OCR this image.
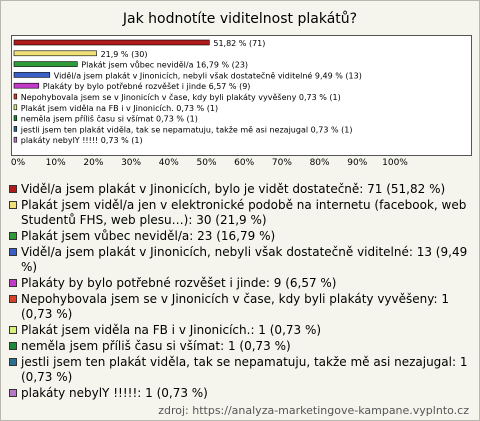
Jak hodnotíte viditelnost plakátů?
51,82 % (71)
21,9 % (30)
Plakát jsem vůbec neviděl/a 16,79 % (23)
Viděl/a jsem plakát v Jinonicích, nebyli však dostatečně viditelné 9,49 % (13)
Plakáty by bylo potřebné rozvěšet i jinde 6,57 % (9)
Nepohybovala jsem se v Jinonicích v čase, kdy byli plakáty vyvěšeny 0,73 % (1)
Plakát jsem viděla na FB i v Jinonicích. 0,73 % (1)
neměla jsem příliš času si všímat 0,73 % (1)
jestli jsem ten plakát viděla, tak se nepamatuju, takže mě asi nezajugal 0,73 % (1)
plakáty nebylY !!!!! 0,73 % (1)
0% 10% 20% 30% 40% 50% 60% 70% 80% 90% 100%
Viděl/a jsem plakát v Jinonicích, bylo je vidět dostatečně: 71 (51,82 %)
Plakát jsem viděl/a jen v elektronické podobě na internetu (facebook, web Studentů FHS, web plesu…): 30 (21,9 %)
Plakát jsem vůbec neviděl/a: 23 (16,79 %)
Viděl/a jsem plakát v Jinonicích, nebyli však dostatečně viditelné: 13 (9,49 %)
Plakáty by bylo potřebné rozvěšet i jinde: 9 (6,57 %)
Nepohybovala jsem se v Jinonicích v čase, kdy byli plakáty vyvěšeny: 1 (0,73 %)
Plakát jsem viděla na FB i v Jinonicích.: 1 (0,73 %)
neměla jsem příliš času si všímat: 1 (0,73 %)
jestli jsem ten plakát viděla, tak se nepamatuju, takže mě asi nezajugal: 1 (0,73 %)
plakáty nebylY !!!!!: 1 (0,73 %)
zdroj: https://analyza-marketingove-kampane.vyplnto.cz
